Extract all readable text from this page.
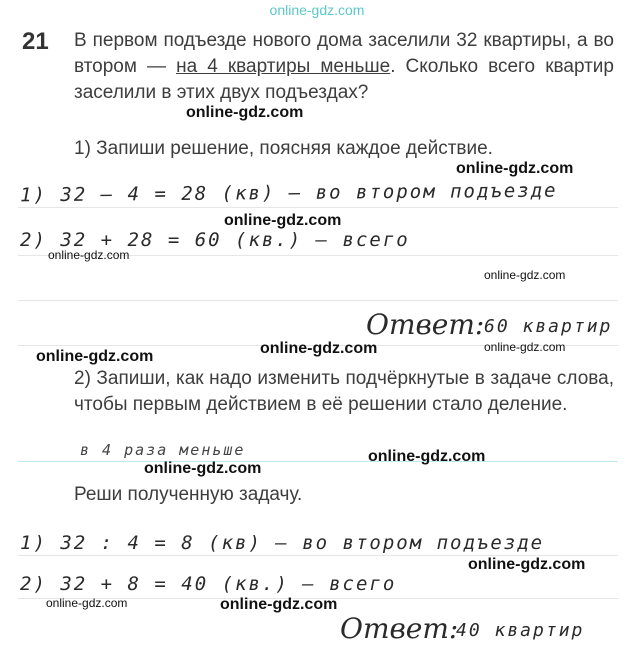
online-gdz.com
21 В первом подъезде нового дома заселили 32 квартиры, а во втором — на 4 квартиры меньше. Сколько всего квартир заселили в этих двух подъездах?
1) Запиши решение, поясняя каждое действие.
1) 32 – 4 = 28 (кв) – во втором подъезде
2) 32 + 28 = 60 (кв.) – всего
Ответ: 60 квартир
2) Запиши, как надо изменить подчёркнутые в задаче слова, чтобы первым действием в её решении стало деление.
в 4 раза меньше
Реши полученную задачу.
1) 32 : 4 = 8 (кв) – во втором подъезде
2) 32 + 8 = 40 (кв.) – всего
Ответ:
40 квартир
online-gdz.com
online-gdz.com
online-gdz.com
online-gdz.com
online-gdz.com
online-gdz.com	online-gdz.com
online-gdz.com
online-gdz.com
online-gdz.com
online-gdz.com
online-gdz.com	online-gdz.com
